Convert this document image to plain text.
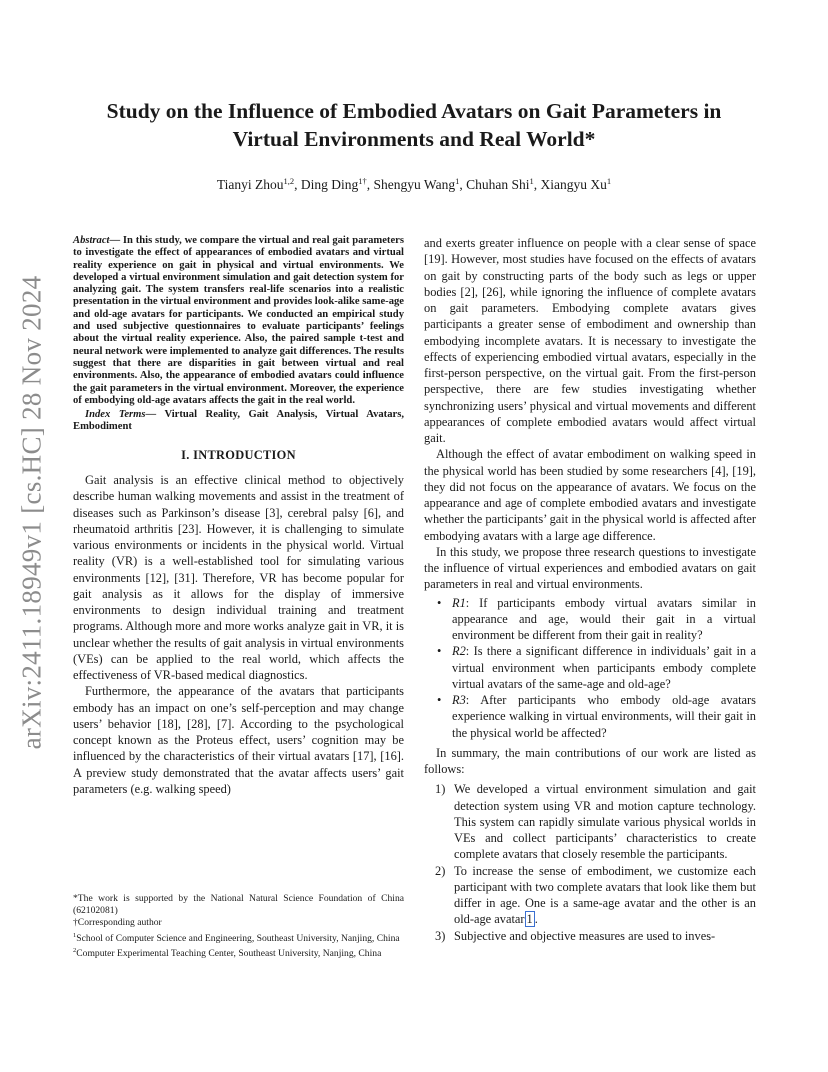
arXiv:2411.18949v1 [cs.HC] 28 Nov 2024
Study on the Influence of Embodied Avatars on Gait Parameters in Virtual Environments and Real World*
Tianyi Zhou$^{1,2}$, Ding Ding$^{1\dagger}$, Shengyu Wang$^1$, Chuhan Shi$^1$, Xiangyu Xu$^1$

Abstract— In this study, we compare the virtual and real gait parameters to investigate the effect of appearances of embodied avatars and virtual reality experience on gait in physical and virtual environments. We developed a virtual environment simulation and gait detection system for analyzing gait. The system transfers real-life scenarios into a realistic presentation in the virtual environment and provides look-alike same-age and old-age avatars for participants. We conducted an empirical study and used subjective questionnaires to evaluate participants’ feelings about the virtual reality experience. Also, the paired sample t-test and neural network were implemented to analyze gait differences. The results suggest that there are disparities in gait between virtual and real environments. Also, the appearance of embodied avatars could influence the gait parameters in the virtual environment. Moreover, the experience of embodying old-age avatars affects the gait in the real world.

Index Terms— Virtual Reality, Gait Analysis, Virtual Avatars, Embodiment

I. INTRODUCTION

Gait analysis is an effective clinical method to objectively describe human walking movements and assist in the treatment of diseases such as Parkinson’s disease [3], cerebral palsy [6], and rheumatoid arthritis [23]. However, it is challenging to simulate various environments or incidents in the physical world. Virtual reality (VR) is a well-established tool for simulating various environments [12], [31]. Therefore, VR has become popular for gait analysis as it allows for the display of immersive environments to design individual training and treatment programs. Although more and more works analyze gait in VR, it is unclear whether the results of gait analysis in virtual environments (VEs) can be applied to the real world, which affects the effectiveness of VR-based medical diagnostics.

Furthermore, the appearance of the avatars that participants embody has an impact on one’s self-perception and may change users’ behavior [18], [28], [7]. According to the psychological concept known as the Proteus effect, users’ cognition may be influenced by the characteristics of their virtual avatars [17], [16]. A preview study demonstrated that the avatar affects users’ gait parameters (e.g. walking speed)

and exerts greater influence on people with a clear sense of space [19]. However, most studies have focused on the effects of avatars on gait by constructing parts of the body such as legs or upper bodies [2], [26], while ignoring the influence of complete avatars on gait parameters. Embodying complete avatars gives participants a greater sense of embodiment and ownership than embodying incomplete avatars. It is necessary to investigate the effects of experiencing embodied virtual avatars, especially in the first-person perspective, on the virtual gait. From the first-person perspective, there are few studies investigating whether synchronizing users’ physical and virtual movements and different appearances of complete embodied avatars would affect virtual gait.

Although the effect of avatar embodiment on walking speed in the physical world has been studied by some researchers [4], [19], they did not focus on the appearance of avatars. We focus on the appearance and age of complete embodied avatars and investigate whether the participants’ gait in the physical world is affected after embodying avatars with a large age difference.

In this study, we propose three research questions to investigate the influence of virtual experiences and embodied avatars on gait parameters in real and virtual environments.

• R1: If participants embody virtual avatars similar in appearance and age, would their gait in a virtual environment be different from their gait in reality?
• R2: Is there a significant difference in individuals’ gait in a virtual environment when participants embody complete virtual avatars of the same-age and old-age?
• R3: After participants who embody old-age avatars experience walking in virtual environments, will their gait in the physical world be affected?

In summary, the main contributions of our work are listed as follows:

1) We developed a virtual environment simulation and gait detection system using VR and motion capture technology. This system can rapidly simulate various physical worlds in VEs and collect participants’ characteristics to create complete avatars that closely resemble the participants.
2) To increase the sense of embodiment, we customize each participant with two complete avatars that look like them but differ in age. One is a same-age avatar and the other is an old-age avatar 1 .
3) Subjective and objective measures are used to inves-

*The work is supported by the National Natural Science Foundation of China (62102081)

†Corresponding author

$^1$School of Computer Science and Engineering, Southeast University, Nanjing, China

$^2$Computer Experimental Teaching Center, Southeast University, Nanjing, China
